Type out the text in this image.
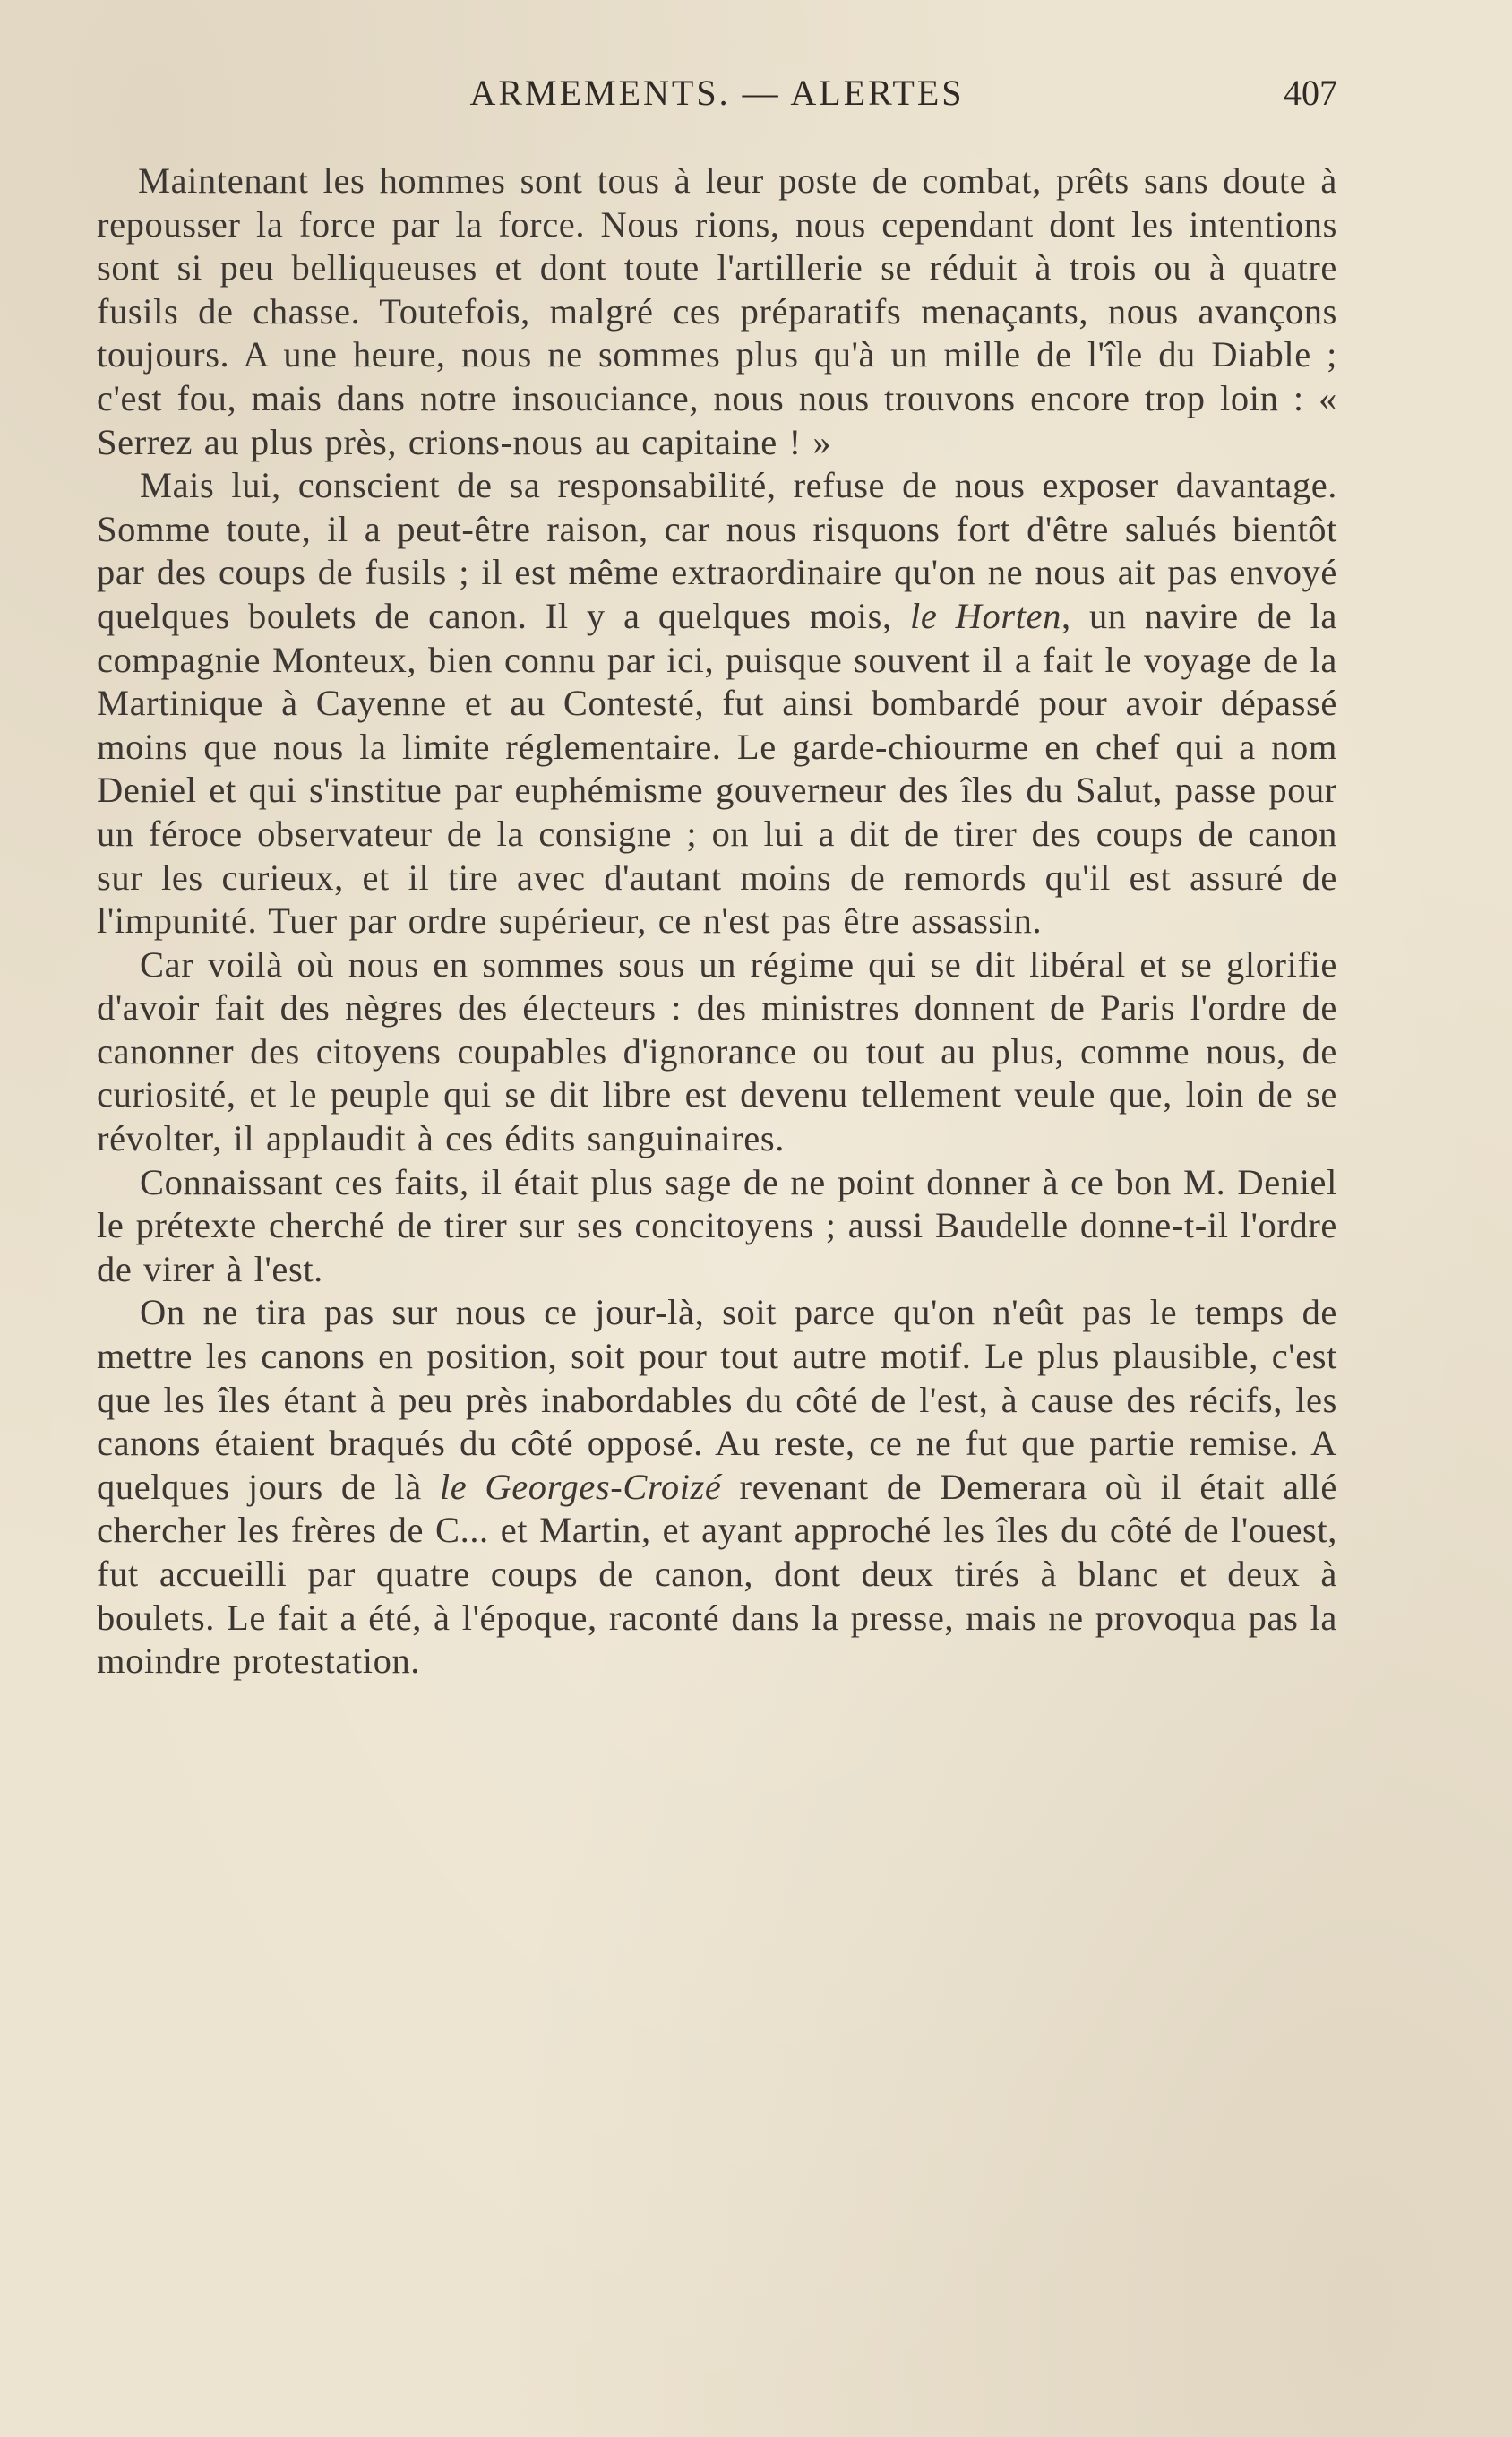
ARMEMENTS. — ALERTES	407

Maintenant les hommes sont tous à leur poste de combat, prêts sans doute à repousser la force par la force. Nous rions, nous cependant dont les intentions sont si peu belliqueuses et dont toute l'artillerie se réduit à trois ou à quatre fusils de chasse. Toutefois, malgré ces préparatifs menaçants, nous avançons toujours. A une heure, nous ne sommes plus qu'à un mille de l'île du Diable ; c'est fou, mais dans notre insouciance, nous nous trouvons encore trop loin : « Serrez au plus près, crions-nous au capitaine ! »

Mais lui, conscient de sa responsabilité, refuse de nous exposer davantage. Somme toute, il a peut-être raison, car nous risquons fort d'être salués bientôt par des coups de fusils ; il est même extraordinaire qu'on ne nous ait pas envoyé quelques boulets de canon. Il y a quelques mois, le Horten, un navire de la compagnie Monteux, bien connu par ici, puisque souvent il a fait le voyage de la Martinique à Cayenne et au Contesté, fut ainsi bombardé pour avoir dépassé moins que nous la limite réglementaire. Le garde-chiourme en chef qui a nom Deniel et qui s'institue par euphémisme gouverneur des îles du Salut, passe pour un féroce observateur de la consigne ; on lui a dit de tirer des coups de canon sur les curieux, et il tire avec d'autant moins de remords qu'il est assuré de l'impunité. Tuer par ordre supérieur, ce n'est pas être assassin.

Car voilà où nous en sommes sous un régime qui se dit libéral et se glorifie d'avoir fait des nègres des électeurs : des ministres donnent de Paris l'ordre de canonner des citoyens coupables d'ignorance ou tout au plus, comme nous, de curiosité, et le peuple qui se dit libre est devenu tellement veule que, loin de se révolter, il applaudit à ces édits sanguinaires.

Connaissant ces faits, il était plus sage de ne point donner à ce bon M. Deniel le prétexte cherché de tirer sur ses concitoyens ; aussi Baudelle donne-t-il l'ordre de virer à l'est.

On ne tira pas sur nous ce jour-là, soit parce qu'on n'eût pas le temps de mettre les canons en position, soit pour tout autre motif. Le plus plausible, c'est que les îles étant à peu près inabordables du côté de l'est, à cause des récifs, les canons étaient braqués du côté opposé. Au reste, ce ne fut que partie remise. A quelques jours de là le Georges-Croizé revenant de Demerara où il était allé chercher les frères de C... et Martin, et ayant approché les îles du côté de l'ouest, fut accueilli par quatre coups de canon, dont deux tirés à blanc et deux à boulets. Le fait a été, à l'époque, raconté dans la presse, mais ne provoqua pas la moindre protestation.
